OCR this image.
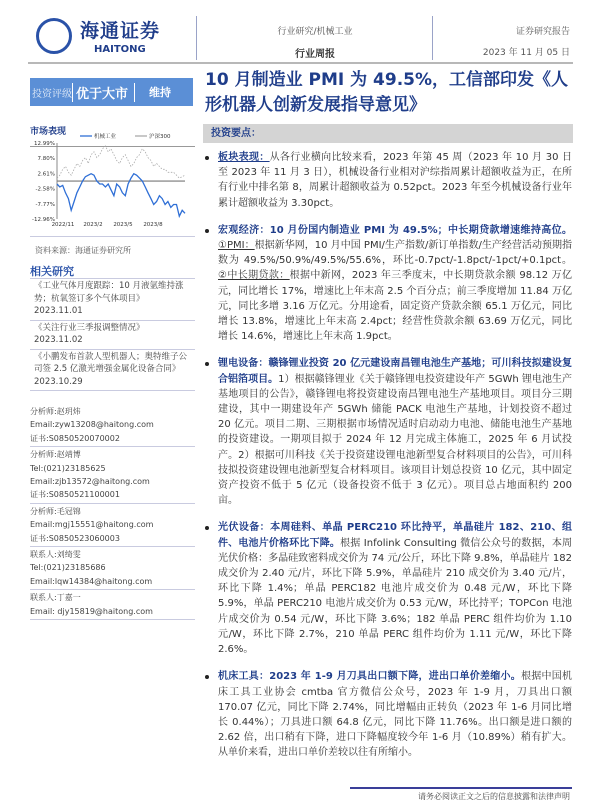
海通证券
HAITONG
行业研究/机械工业
行业周报
证券研究报告
2023 年 11 月 05 日
投资评级 优于大市	维持
市场表现
12.99%
7.80%
2.61%
-2.58%
-7.77%
-12.96%
2022/11 2023/2 2023/5 2023/8
机械工业	沪深300
资料来源：海通证券研究所
相关研究
《工业气体月度跟踪：10 月液氩维持涨势；杭氧签订多个气体项目》2023.11.01
《关注行业三季报调整情况》2023.11.02
《小鹏发布首款人型机器人；奥特维子公司签 2.5 亿激光增强金属化设备合同》2023.10.29
分析师:赵玥炜
Email:zyw13208@haitong.com
证书:S0850520070002
分析师:赵靖博
Tel:(021)23185625
Email:zjb13572@haitong.com
证书:S0850521100001
分析师:毛冠锦
Email:mgj15551@haitong.com
证书:S0850523060003
联系人:刘绮雯
Tel:(021)23185686
Email:lqw14384@haitong.com
联系人:丁嘉一
Email: djy15819@haitong.com
10 月制造业 PMI 为 49.5%，工信部印发《人形机器人创新发展指导意见》
投资要点：
板块表现：从各行业横向比较来看，2023 年第 45 周（2023 年 10 月 30 日至 2023 年 11 月 3 日），机械设备行业相对沪综指周累计超额收益为正，在所有行业中排名第 8，周累计超额收益为 0.52pct。2023 年至今机械设备行业年累计超额收益为 3.30pct。
宏观经济：10 月份国内制造业 PMI 为 49.5%；中长期贷款增速维持高位。①PMI：根据新华网，10 月中国 PMI/生产指数/新订单指数/生产经营活动预期指数为 49.5%/50.9%/49.5%/55.6%，环比-0.7pct/-1.8pct/-1pct/+0.1pct。②中长期贷款：根据中新网，2023 年三季度末，中长期贷款余额 98.12 万亿元，同比增长 17%，增速比上年末高 2.5 个百分点；前三季度增加 11.84 万亿元，同比多增 3.16 万亿元。分用途看，固定资产贷款余额 65.1 万亿元，同比增长 13.8%，增速比上年末高 2.4pct；经营性贷款余额 63.69 万亿元，同比增长 14.6%，增速比上年末高 1.9pct。
锂电设备：赣锋锂业投资 20 亿元建设南昌锂电池生产基地；可川科技拟建设复合铝箔项目。1）根据赣锋锂业《关于赣锋锂电投资建设年产 5GWh 锂电池生产基地项目的公告》，赣锋锂电将投资建设南昌锂电池生产基地项目。项目分三期建设，其中一期建设年产 5GWh 储能 PACK 电池生产基地，计划投资不超过 20 亿元。项目二期、三期根据市场情况适时启动动力电池、储能电池生产基地的投资建设。一期项目拟于 2024 年 12 月完成主体施工，2025 年 6 月试投产。2）根据可川科技《关于投资建设锂电池新型复合材料项目的公告》，可川科技拟投资建设锂电池新型复合材料项目。该项目计划总投资 10 亿元，其中固定资产投资不低于 5 亿元（设备投资不低于 3 亿元）。项目总占地面积约 200 亩。
光伏设备：本周硅料、单晶 PERC210 环比持平，单晶硅片 182、210、组件、电池片价格环比下降。根据 Infolink Consulting 微信公众号的数据，本周光伏价格：多晶硅致密料成交价为 74 元/公斤，环比下降 9.8%，单晶硅片 182 成交价为 2.40 元/片，环比下降 5.9%，单晶硅片 210 成交价为 3.40 元/片，环比下降 1.4%；单晶 PERC182 电池片成交价为 0.48 元/W，环比下降 5.9%，单晶 PERC210 电池片成交价为 0.53 元/W，环比持平；TOPCon 电池片成交价为 0.54 元/W，环比下降 3.6%；182 单晶 PERC 组件均价为 1.10 元/W，环比下降 2.7%，210 单晶 PERC 组件均价为 1.11 元/W，环比下降 2.6%。
机床工具：2023 年 1-9 月刀具出口额下降，进出口单价差缩小。根据中国机床工具工业协会 cmtba 官方微信公众号，2023 年 1-9 月，刀具出口额 170.07 亿元，同比下降 2.74%，同比增幅由正转负（2023 年 1-6 月同比增长 0.44%）；刀具进口额 64.8 亿元，同比下降 11.76%。出口额是进口额的 2.62 倍，出口稍有下降，进口下降幅度较今年 1-6 月（10.89%）稍有扩大。从单价来看，进出口单价差较以往有所缩小。
请务必阅读正文之后的信息披露和法律声明
